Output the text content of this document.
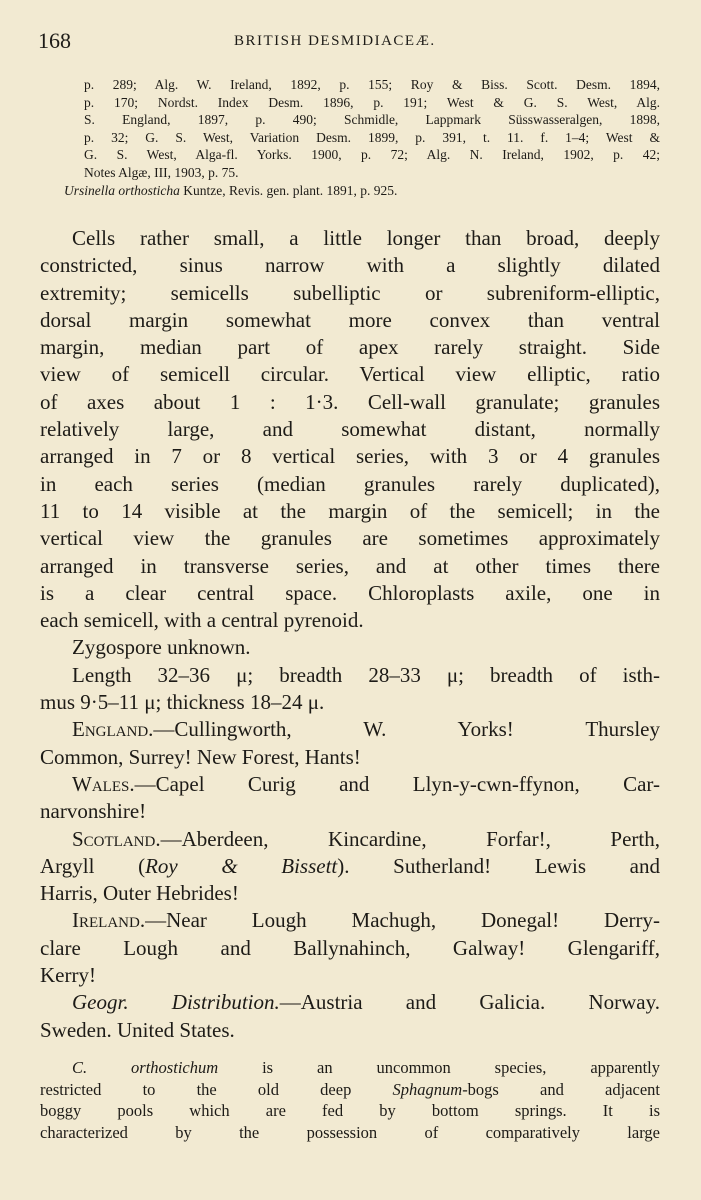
168	BRITISH DESMIDIACEÆ.
p. 289; Alg. W. Ireland, 1892, p. 155; Roy & Biss. Scott. Desm. 1894,
p. 170; Nordst. Index Desm. 1896, p. 191; West & G. S. West, Alg.
S. England, 1897, p. 490; Schmidle, Lappmark Süsswasseralgen, 1898,
p. 32; G. S. West, Variation Desm. 1899, p. 391, t. 11. f. 1–4; West &
G. S. West, Alga-fl. Yorks. 1900, p. 72; Alg. N. Ireland, 1902, p. 42;
Notes Algæ, III, 1903, p. 75.
Ursinella orthosticha Kuntze, Revis. gen. plant. 1891, p. 925.
Cells rather small, a little longer than broad, deeply
constricted, sinus narrow with a slightly dilated
extremity; semicells subelliptic or subreniform-elliptic,
dorsal margin somewhat more convex than ventral
margin, median part of apex rarely straight. Side
view of semicell circular. Vertical view elliptic, ratio
of axes about 1 : 1·3. Cell-wall granulate; granules
relatively large, and somewhat distant, normally
arranged in 7 or 8 vertical series, with 3 or 4 granules
in each series (median granules rarely duplicated),
11 to 14 visible at the margin of the semicell; in the
vertical view the granules are sometimes approximately
arranged in transverse series, and at other times there
is a clear central space. Chloroplasts axile, one in
each semicell, with a central pyrenoid.
Zygospore unknown.
Length 32–36 μ; breadth 28–33 μ; breadth of isth-
mus 9·5–11 μ; thickness 18–24 μ.
England.—Cullingworth, W. Yorks! Thursley
Common, Surrey! New Forest, Hants!
Wales.—Capel Curig and Llyn-y-cwn-ffynon, Car-
narvonshire!
Scotland.—Aberdeen, Kincardine, Forfar!, Perth,
Argyll (Roy & Bissett). Sutherland! Lewis and
Harris, Outer Hebrides!
Ireland.—Near Lough Machugh, Donegal! Derry-
clare Lough and Ballynahinch, Galway! Glengariff,
Kerry!
Geogr. Distribution.—Austria and Galicia. Norway.
Sweden. United States.
C. orthostichum is an uncommon species, apparently
restricted to the old deep Sphagnum-bogs and adjacent
boggy pools which are fed by bottom springs. It is
characterized by the possession of comparatively large
